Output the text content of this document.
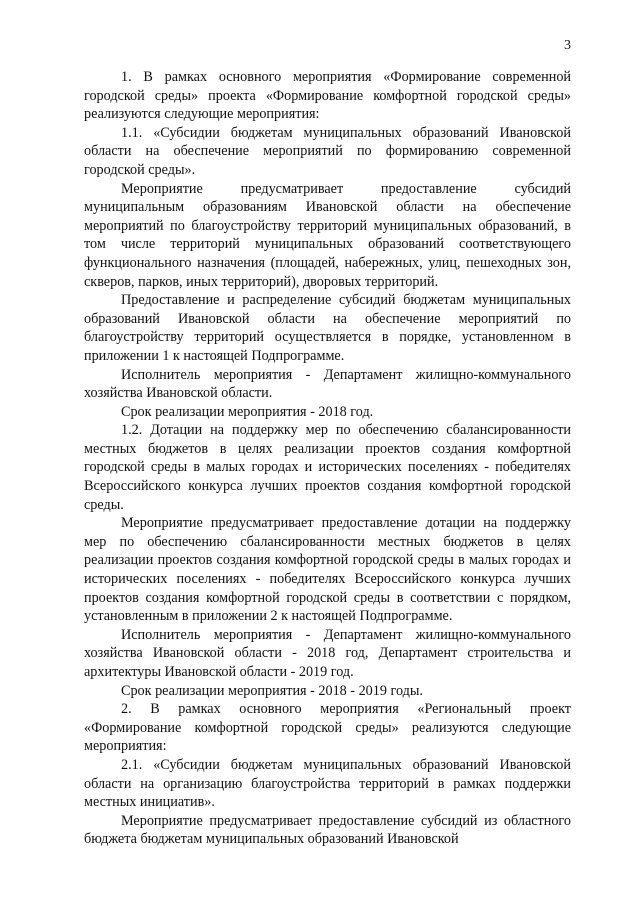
3

1. В рамках основного мероприятия «Формирование современной городской среды» проекта «Формирование комфортной городской среды» реализуются следующие мероприятия:

1.1. «Субсидии бюджетам муниципальных образований Ивановской области на обеспечение мероприятий по формированию современной городской среды».

Мероприятие предусматривает предоставление субсидий муниципальным образованиям Ивановской области на обеспечение мероприятий по благоустройству территорий муниципальных образований, в том числе территорий муниципальных образований соответствующего функционального назначения (площадей, набережных, улиц, пешеходных зон, скверов, парков, иных территорий), дворовых территорий.

Предоставление и распределение субсидий бюджетам муниципальных образований Ивановской области на обеспечение мероприятий по благоустройству территорий осуществляется в порядке, установленном в приложении 1 к настоящей Подпрограмме.

Исполнитель мероприятия - Департамент жилищно-коммунального хозяйства Ивановской области.

Срок реализации мероприятия - 2018 год.

1.2. Дотации на поддержку мер по обеспечению сбалансированности местных бюджетов в целях реализации проектов создания комфортной городской среды в малых городах и исторических поселениях - победителях Всероссийского конкурса лучших проектов создания комфортной городской среды.

Мероприятие предусматривает предоставление дотации на поддержку мер по обеспечению сбалансированности местных бюджетов в целях реализации проектов создания комфортной городской среды в малых городах и исторических поселениях - победителях Всероссийского конкурса лучших проектов создания комфортной городской среды в соответствии с порядком, установленным в приложении 2 к настоящей Подпрограмме.

Исполнитель мероприятия - Департамент жилищно-коммунального хозяйства Ивановской области - 2018 год, Департамент строительства и архитектуры Ивановской области - 2019 год.

Срок реализации мероприятия - 2018 - 2019 годы.

2. В рамках основного мероприятия «Региональный проект «Формирование комфортной городской среды» реализуются следующие мероприятия:

2.1. «Субсидии бюджетам муниципальных образований Ивановской области на организацию благоустройства территорий в рамках поддержки местных инициатив».

Мероприятие предусматривает предоставление субсидий из областного бюджета бюджетам муниципальных образований Ивановской
